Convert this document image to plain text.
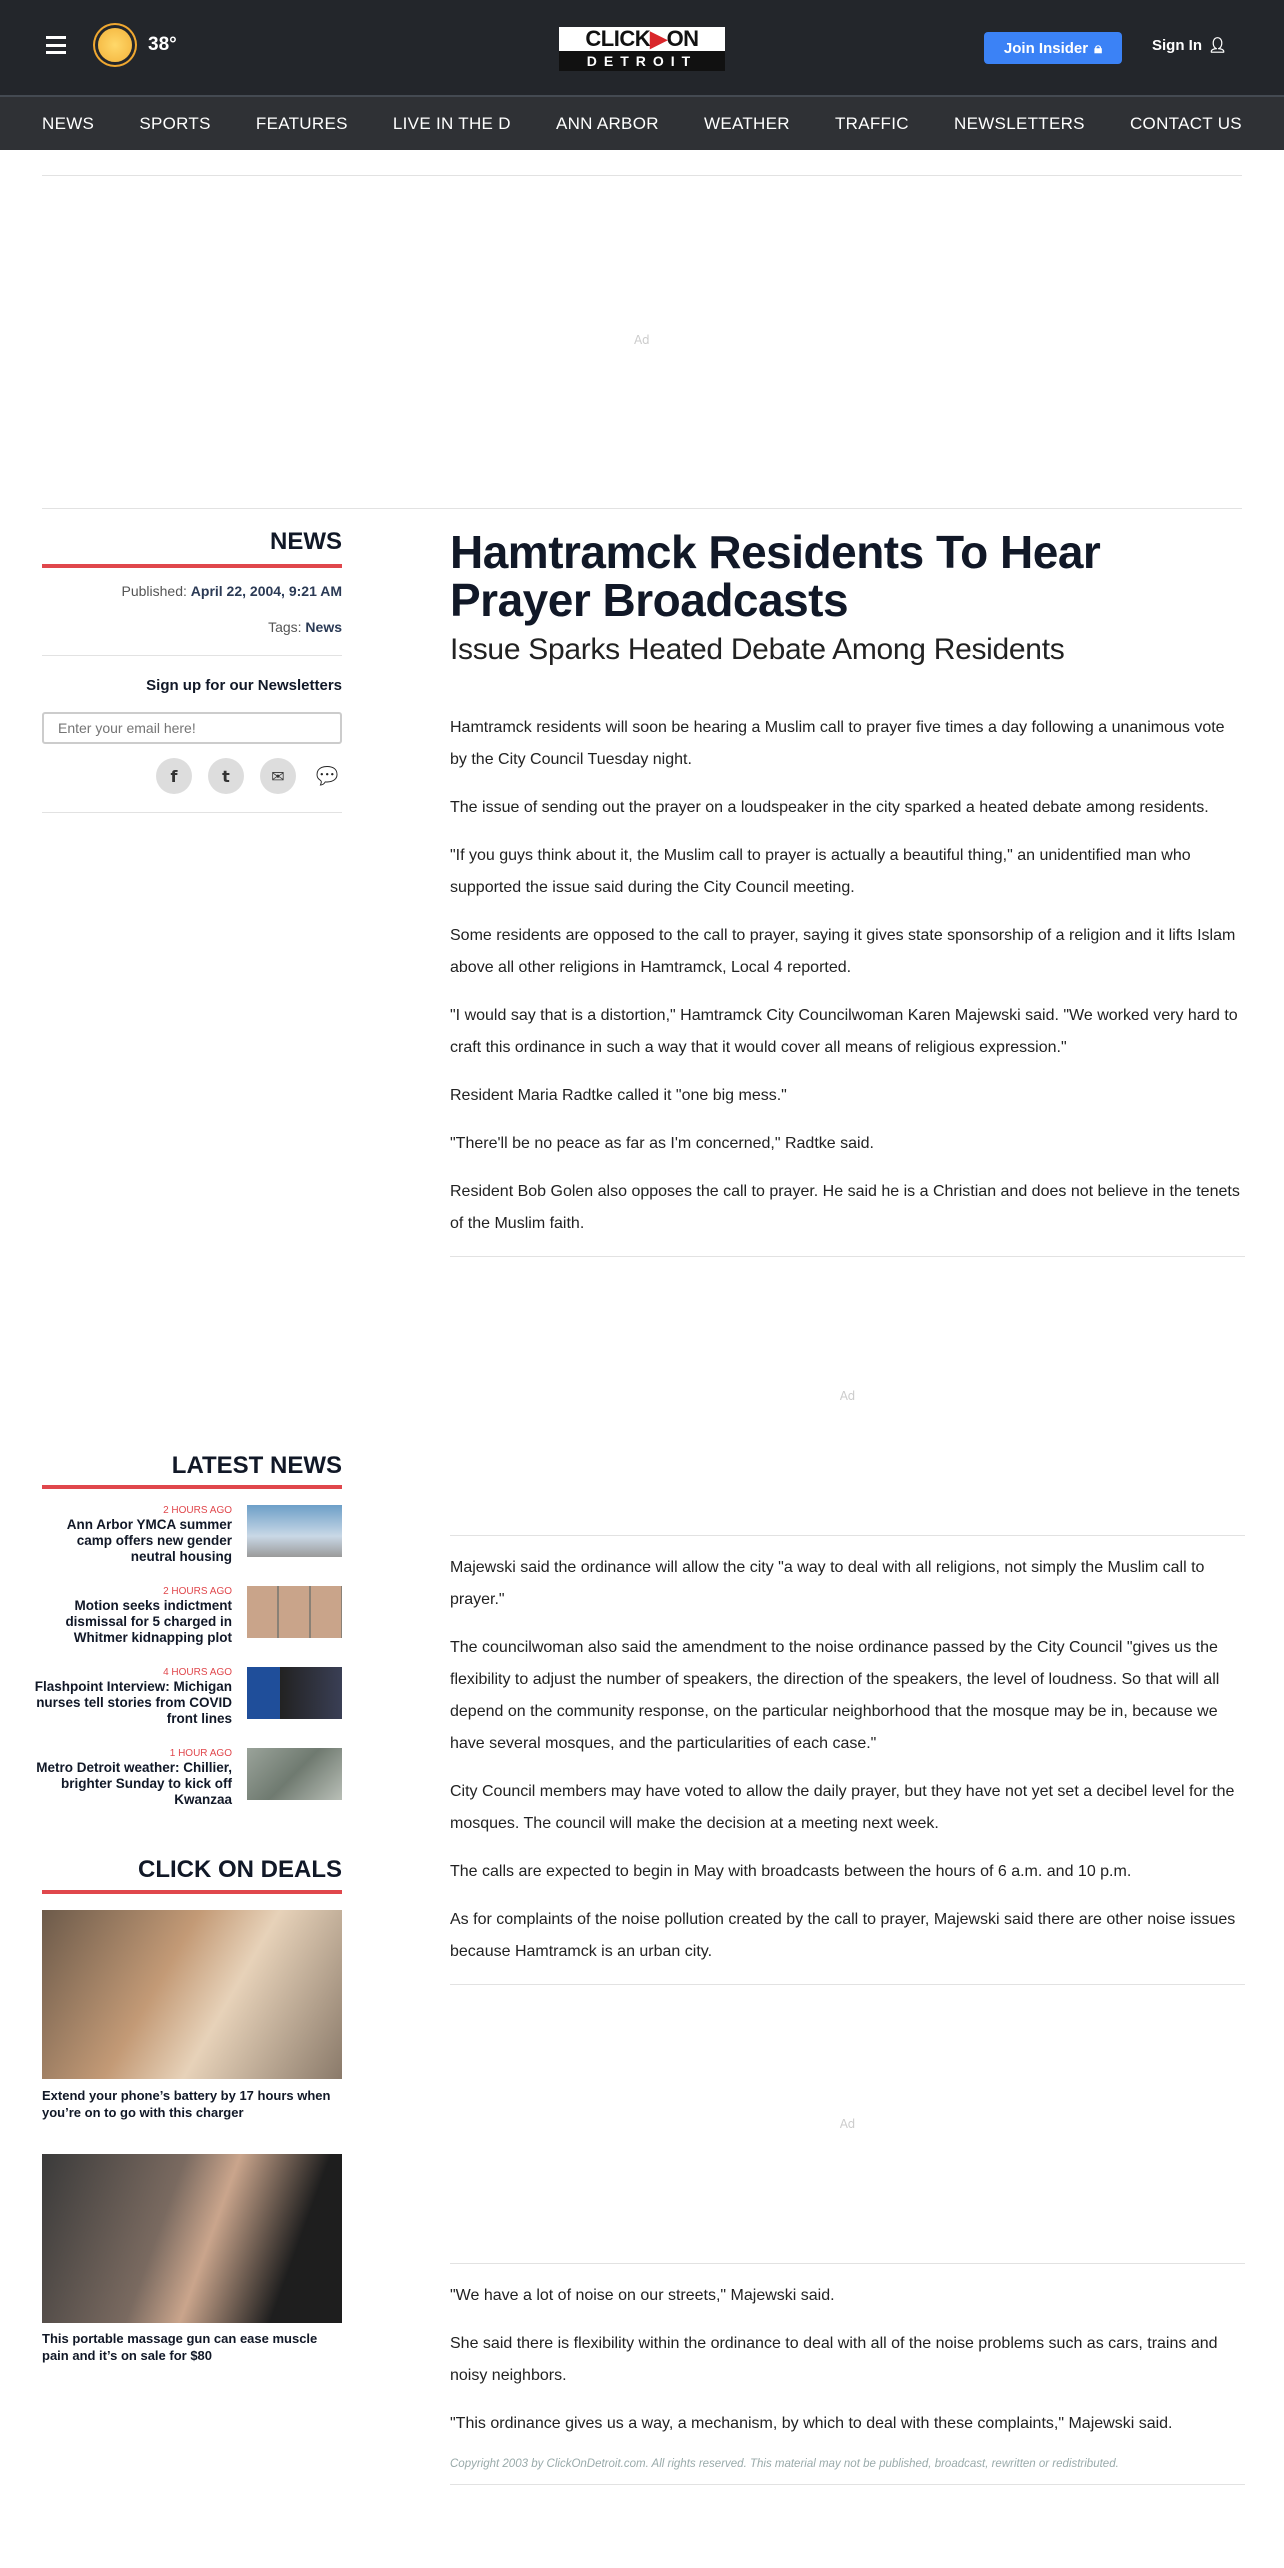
38°	CLICK▶ON
DETROIT
Join Insider 🔒︎	Sign In 👤︎
NEWS	SPORTS	FEATURES	LIVE IN THE D	ANN ARBOR	WEATHER	TRAFFIC	NEWSLETTERS	CONTACT US
Ad
NEWS
Published: April 22, 2004, 9:21 AM
Tags: News
Sign up for our Newsletters
Enter your email here!
f	t	✉	💬︎
LATEST NEWS
2 HOURS AGO
Ann Arbor YMCA summer camp offers new gender neutral housing
2 HOURS AGO
Motion seeks indictment dismissal for 5 charged in Whitmer kidnapping plot
4 HOURS AGO
Flashpoint Interview: Michigan nurses tell stories from COVID front lines
1 HOUR AGO
Metro Detroit weather: Chillier, brighter Sunday to kick off Kwanzaa
CLICK ON DEALS
Extend your phone’s battery by 17 hours when you’re on to go with this charger
This portable massage gun can ease muscle pain and it’s on sale for $80
Hamtramck Residents To Hear Prayer Broadcasts
Issue Sparks Heated Debate Among Residents

Hamtramck residents will soon be hearing a Muslim call to prayer five times a day following a unanimous vote by the City Council Tuesday night.

The issue of sending out the prayer on a loudspeaker in the city sparked a heated debate among residents.

"If you guys think about it, the Muslim call to prayer is actually a beautiful thing," an unidentified man who supported the issue said during the City Council meeting.

Some residents are opposed to the call to prayer, saying it gives state sponsorship of a religion and it lifts Islam above all other religions in Hamtramck, Local 4 reported.

"I would say that is a distortion," Hamtramck City Councilwoman Karen Majewski said. "We worked very hard to craft this ordinance in such a way that it would cover all means of religious expression."

Resident Maria Radtke called it "one big mess."

"There'll be no peace as far as I'm concerned," Radtke said.

Resident Bob Golen also opposes the call to prayer. He said he is a Christian and does not believe in the tenets of the Muslim faith.

Ad

Majewski said the ordinance will allow the city "a way to deal with all religions, not simply the Muslim call to prayer."

The councilwoman also said the amendment to the noise ordinance passed by the City Council "gives us the flexibility to adjust the number of speakers, the direction of the speakers, the level of loudness. So that will all depend on the community response, on the particular neighborhood that the mosque may be in, because we have several mosques, and the particularities of each case."

City Council members may have voted to allow the daily prayer, but they have not yet set a decibel level for the mosques. The council will make the decision at a meeting next week.

The calls are expected to begin in May with broadcasts between the hours of 6 a.m. and 10 p.m.

As for complaints of the noise pollution created by the call to prayer, Majewski said there are other noise issues because Hamtramck is an urban city.

Ad

"We have a lot of noise on our streets," Majewski said.

She said there is flexibility within the ordinance to deal with all of the noise problems such as cars, trains and noisy neighbors.

"This ordinance gives us a way, a mechanism, by which to deal with these complaints," Majewski said.

Copyright 2003 by ClickOnDetroit.com. All rights reserved. This material may not be published, broadcast, rewritten or redistributed.
